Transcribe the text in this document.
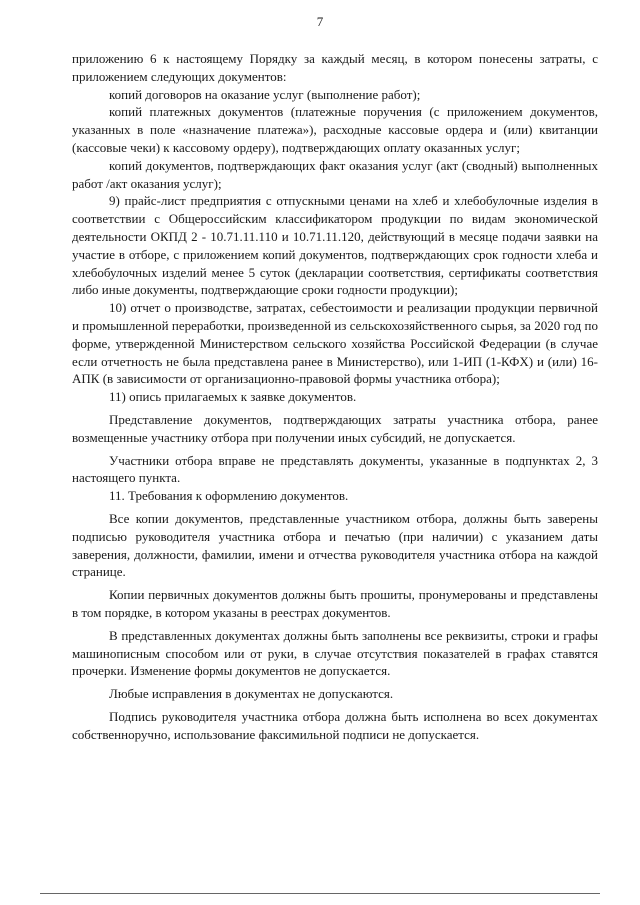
7

приложению 6 к настоящему Порядку за каждый месяц, в котором понесены затраты, с приложением следующих документов:

копий договоров на оказание услуг (выполнение работ);

копий платежных документов (платежные поручения (с приложением документов, указанных в поле «назначение платежа»), расходные кассовые ордера и (или) квитанции (кассовые чеки) к кассовому ордеру), подтверждающих оплату оказанных услуг;

копий документов, подтверждающих факт оказания услуг (акт (сводный) выполненных работ /акт оказания услуг);

9) прайс-лист предприятия с отпускными ценами на хлеб и хлебобулочные изделия в соответствии с Общероссийским классификатором продукции по видам экономической деятельности ОКПД 2 - 10.71.11.110 и 10.71.11.120, действующий в месяце подачи заявки на участие в отборе, с приложением копий документов, подтверждающих срок годности хлеба и хлебобулочных изделий менее 5 суток (декларации соответствия, сертификаты соответствия либо иные документы, подтверждающие сроки годности продукции);

10) отчет о производстве, затратах, себестоимости и реализации продукции первичной и промышленной переработки, произведенной из сельскохозяйственного сырья, за 2020 год по форме, утвержденной Министерством сельского хозяйства Российской Федерации (в случае если отчетность не была представлена ранее в Министерство), или 1-ИП (1-КФХ) и (или) 16-АПК (в зависимости от организационно-правовой формы участника отбора);

11) опись прилагаемых к заявке документов.

Представление документов, подтверждающих затраты участника отбора, ранее возмещенные участнику отбора при получении иных субсидий, не допускается.

Участники отбора вправе не представлять документы, указанные в подпунктах 2, 3 настоящего пункта.

11. Требования к оформлению документов.

Все копии документов, представленные участником отбора, должны быть заверены подписью руководителя участника отбора и печатью (при наличии) с указанием даты заверения, должности, фамилии, имени и отчества руководителя участника отбора на каждой странице.

Копии первичных документов должны быть прошиты, пронумерованы и представлены в том порядке, в котором указаны в реестрах документов.

В представленных документах должны быть заполнены все реквизиты, строки и графы машинописным способом или от руки, в случае отсутствия показателей в графах ставятся прочерки. Изменение формы документов не допускается.

Любые исправления в документах не допускаются.

Подпись руководителя участника отбора должна быть исполнена во всех документах собственноручно, использование факсимильной подписи не допускается.
